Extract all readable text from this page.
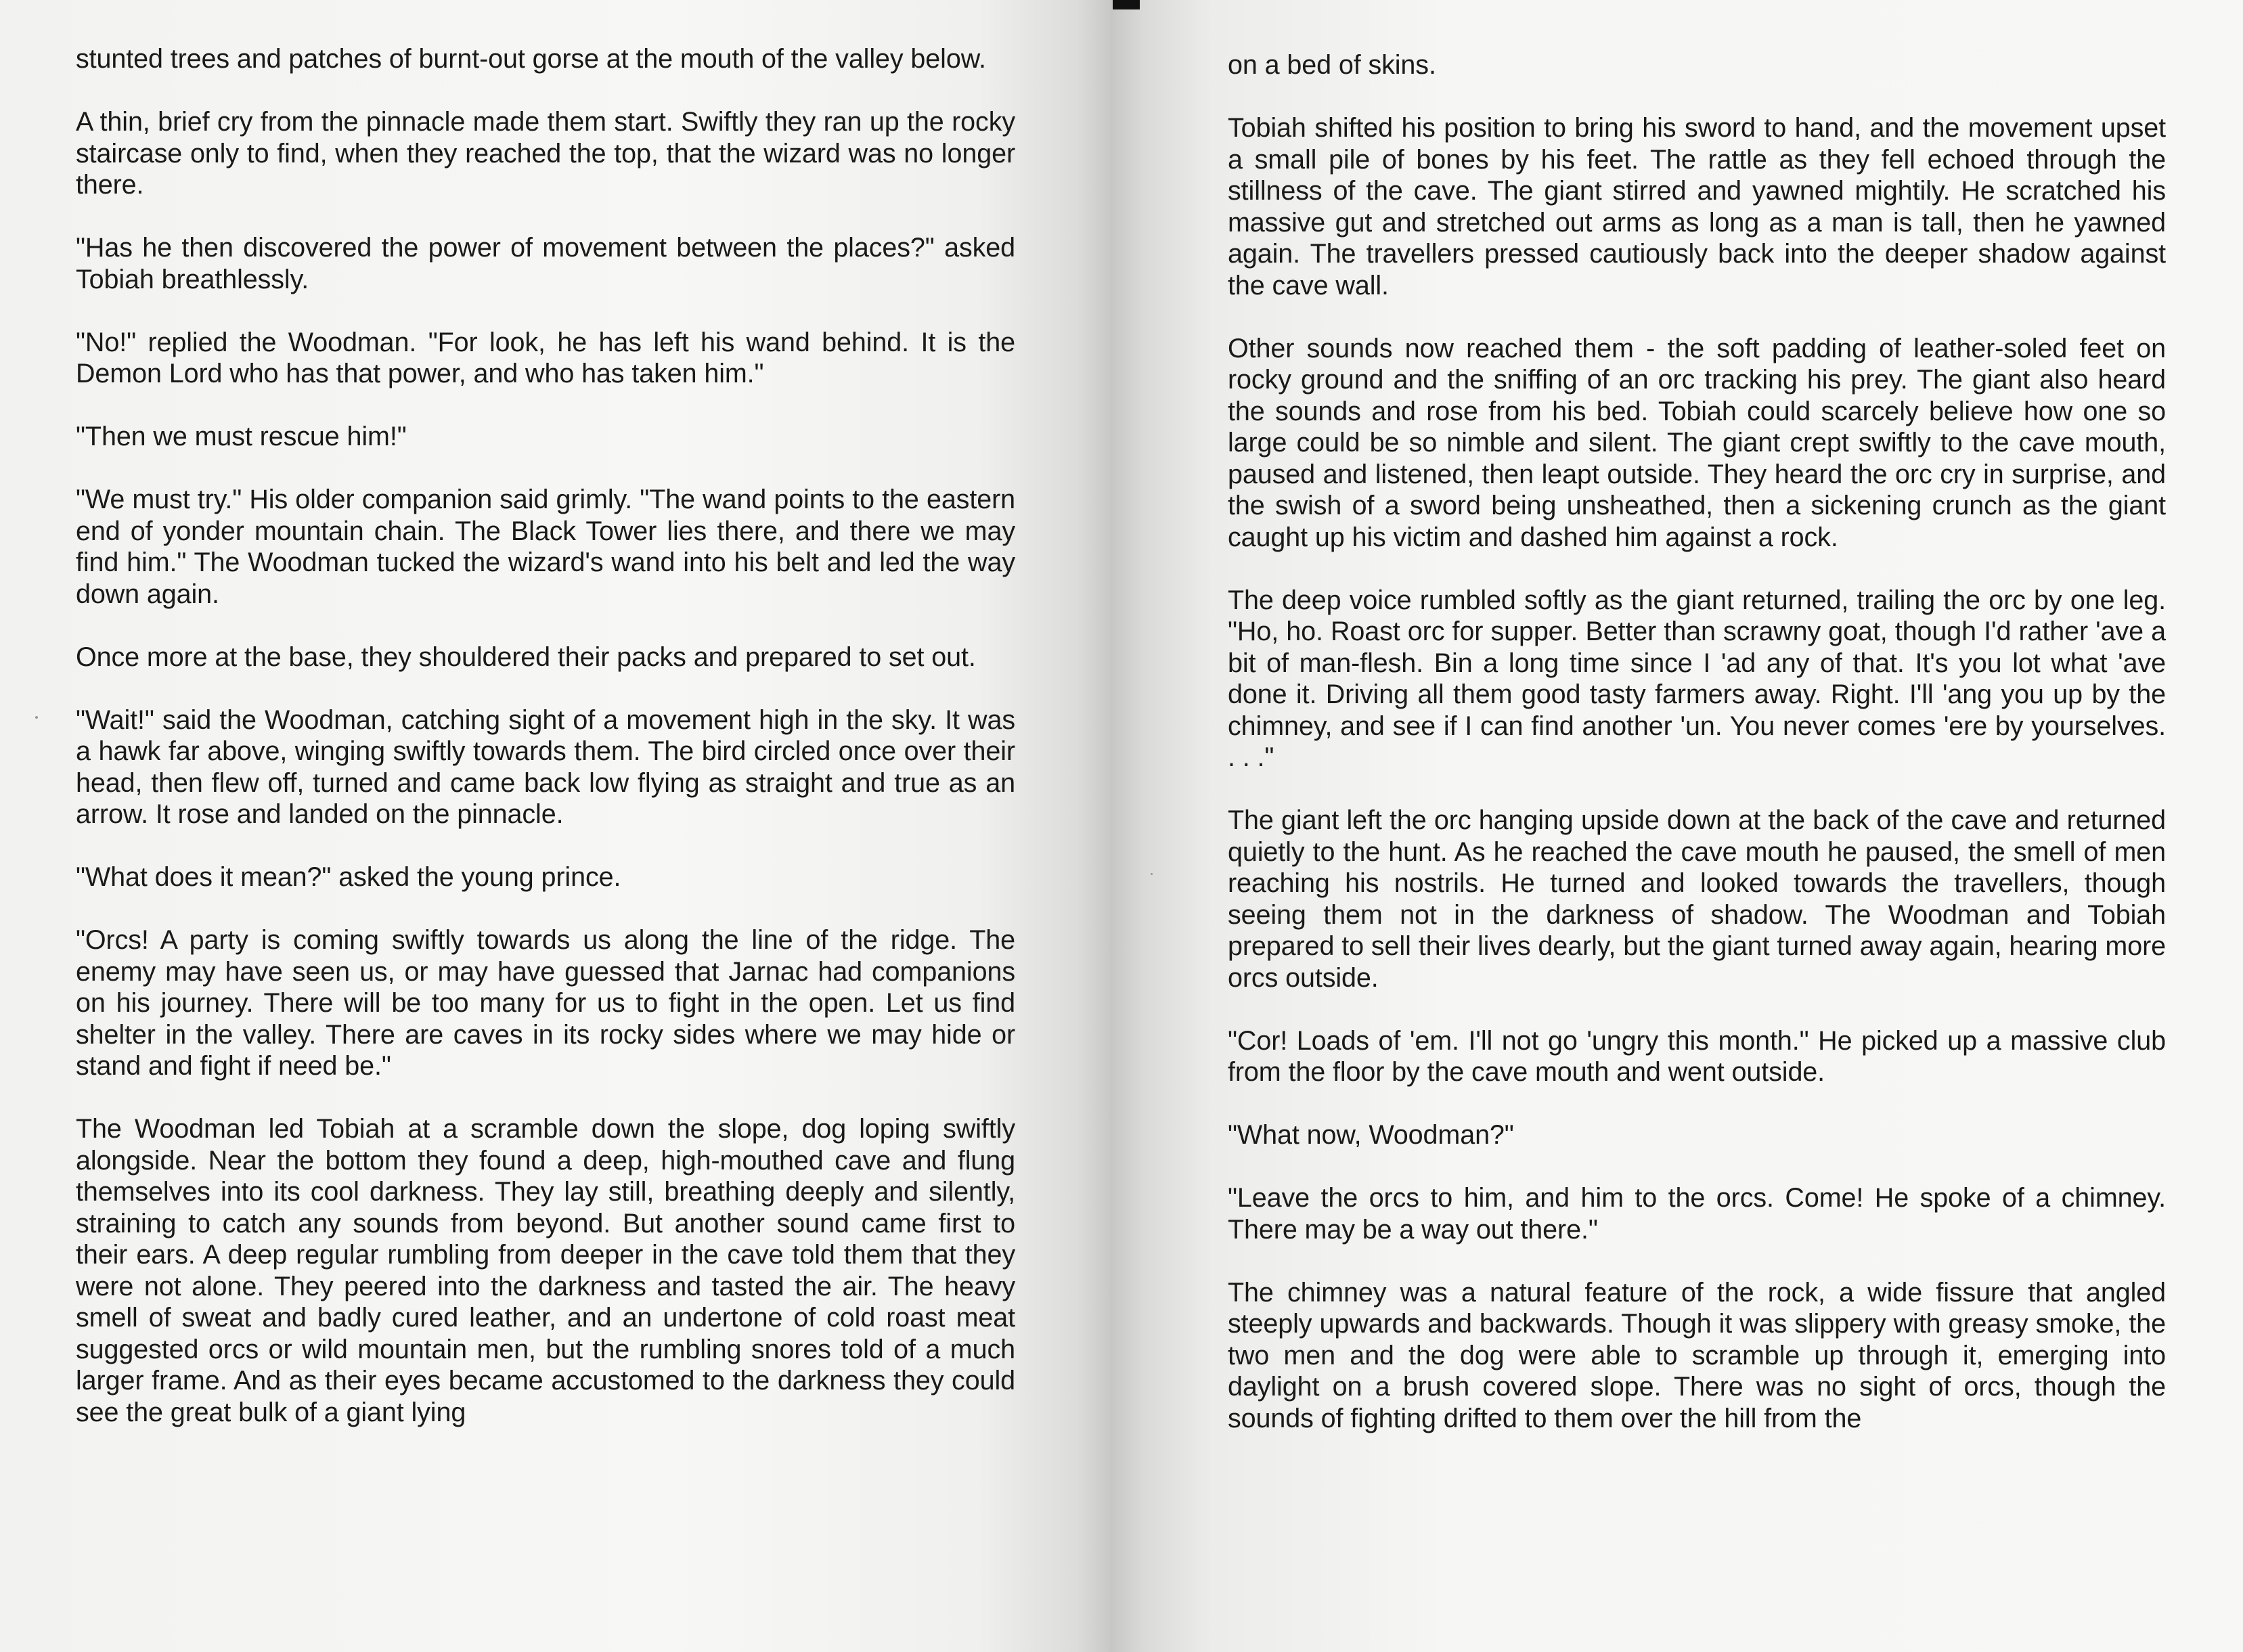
stunted trees and patches of burnt-out gorse at the mouth of the valley below.

A thin, brief cry from the pinnacle made them start. Swiftly they ran up the rocky staircase only to find, when they reached the top, that the wizard was no longer there.

"Has he then discovered the power of movement between the places?" asked Tobiah breathlessly.

"No!" replied the Woodman. "For look, he has left his wand behind. It is the Demon Lord who has that power, and who has taken him."

"Then we must rescue him!"

"We must try." His older companion said grimly. "The wand points to the eastern end of yonder mountain chain. The Black Tower lies there, and there we may find him." The Woodman tucked the wizard's wand into his belt and led the way down again.

Once more at the base, they shouldered their packs and prepared to set out.

"Wait!" said the Woodman, catching sight of a movement high in the sky. It was a hawk far above, winging swiftly towards them. The bird circled once over their head, then flew off, turned and came back low flying as straight and true as an arrow. It rose and landed on the pinnacle.

"What does it mean?" asked the young prince.

"Orcs! A party is coming swiftly towards us along the line of the ridge. The enemy may have seen us, or may have guessed that Jarnac had companions on his journey. There will be too many for us to fight in the open. Let us find shelter in the valley. There are caves in its rocky sides where we may hide or stand and fight if need be."

The Woodman led Tobiah at a scramble down the slope, dog loping swiftly alongside. Near the bottom they found a deep, high-mouthed cave and flung themselves into its cool darkness. They lay still, breathing deeply and silently, straining to catch any sounds from beyond. But another sound came first to their ears. A deep regular rumbling from deeper in the cave told them that they were not alone. They peered into the darkness and tasted the air. The heavy smell of sweat and badly cured leather, and an undertone of cold roast meat suggested orcs or wild mountain men, but the rumbling snores told of a much larger frame. And as their eyes became accustomed to the darkness they could see the great bulk of a giant lying

on a bed of skins.

Tobiah shifted his position to bring his sword to hand, and the movement upset a small pile of bones by his feet. The rattle as they fell echoed through the stillness of the cave. The giant stirred and yawned mightily. He scratched his massive gut and stretched out arms as long as a man is tall, then he yawned again. The travellers pressed cautiously back into the deeper shadow against the cave wall.

Other sounds now reached them - the soft padding of leather-soled feet on rocky ground and the sniffing of an orc tracking his prey. The giant also heard the sounds and rose from his bed. Tobiah could scarcely believe how one so large could be so nimble and silent. The giant crept swiftly to the cave mouth, paused and listened, then leapt outside. They heard the orc cry in surprise, and the swish of a sword being unsheathed, then a sickening crunch as the giant caught up his victim and dashed him against a rock.

The deep voice rumbled softly as the giant returned, trailing the orc by one leg. "Ho, ho. Roast orc for supper. Better than scrawny goat, though I'd rather 'ave a bit of man-flesh. Bin a long time since I 'ad any of that. It's you lot what 'ave done it. Driving all them good tasty farmers away. Right. I'll 'ang you up by the chimney, and see if I can find another 'un. You never comes 'ere by yourselves. . . ."

The giant left the orc hanging upside down at the back of the cave and returned quietly to the hunt. As he reached the cave mouth he paused, the smell of men reaching his nostrils. He turned and looked towards the travellers, though seeing them not in the darkness of shadow. The Woodman and Tobiah prepared to sell their lives dearly, but the giant turned away again, hearing more orcs outside.

"Cor! Loads of 'em. I'll not go 'ungry this month." He picked up a massive club from the floor by the cave mouth and went outside.

"What now, Woodman?"

"Leave the orcs to him, and him to the orcs. Come! He spoke of a chimney. There may be a way out there."

The chimney was a natural feature of the rock, a wide fissure that angled steeply upwards and backwards. Though it was slippery with greasy smoke, the two men and the dog were able to scramble up through it, emerging into daylight on a brush covered slope. There was no sight of orcs, though the sounds of fighting drifted to them over the hill from the
